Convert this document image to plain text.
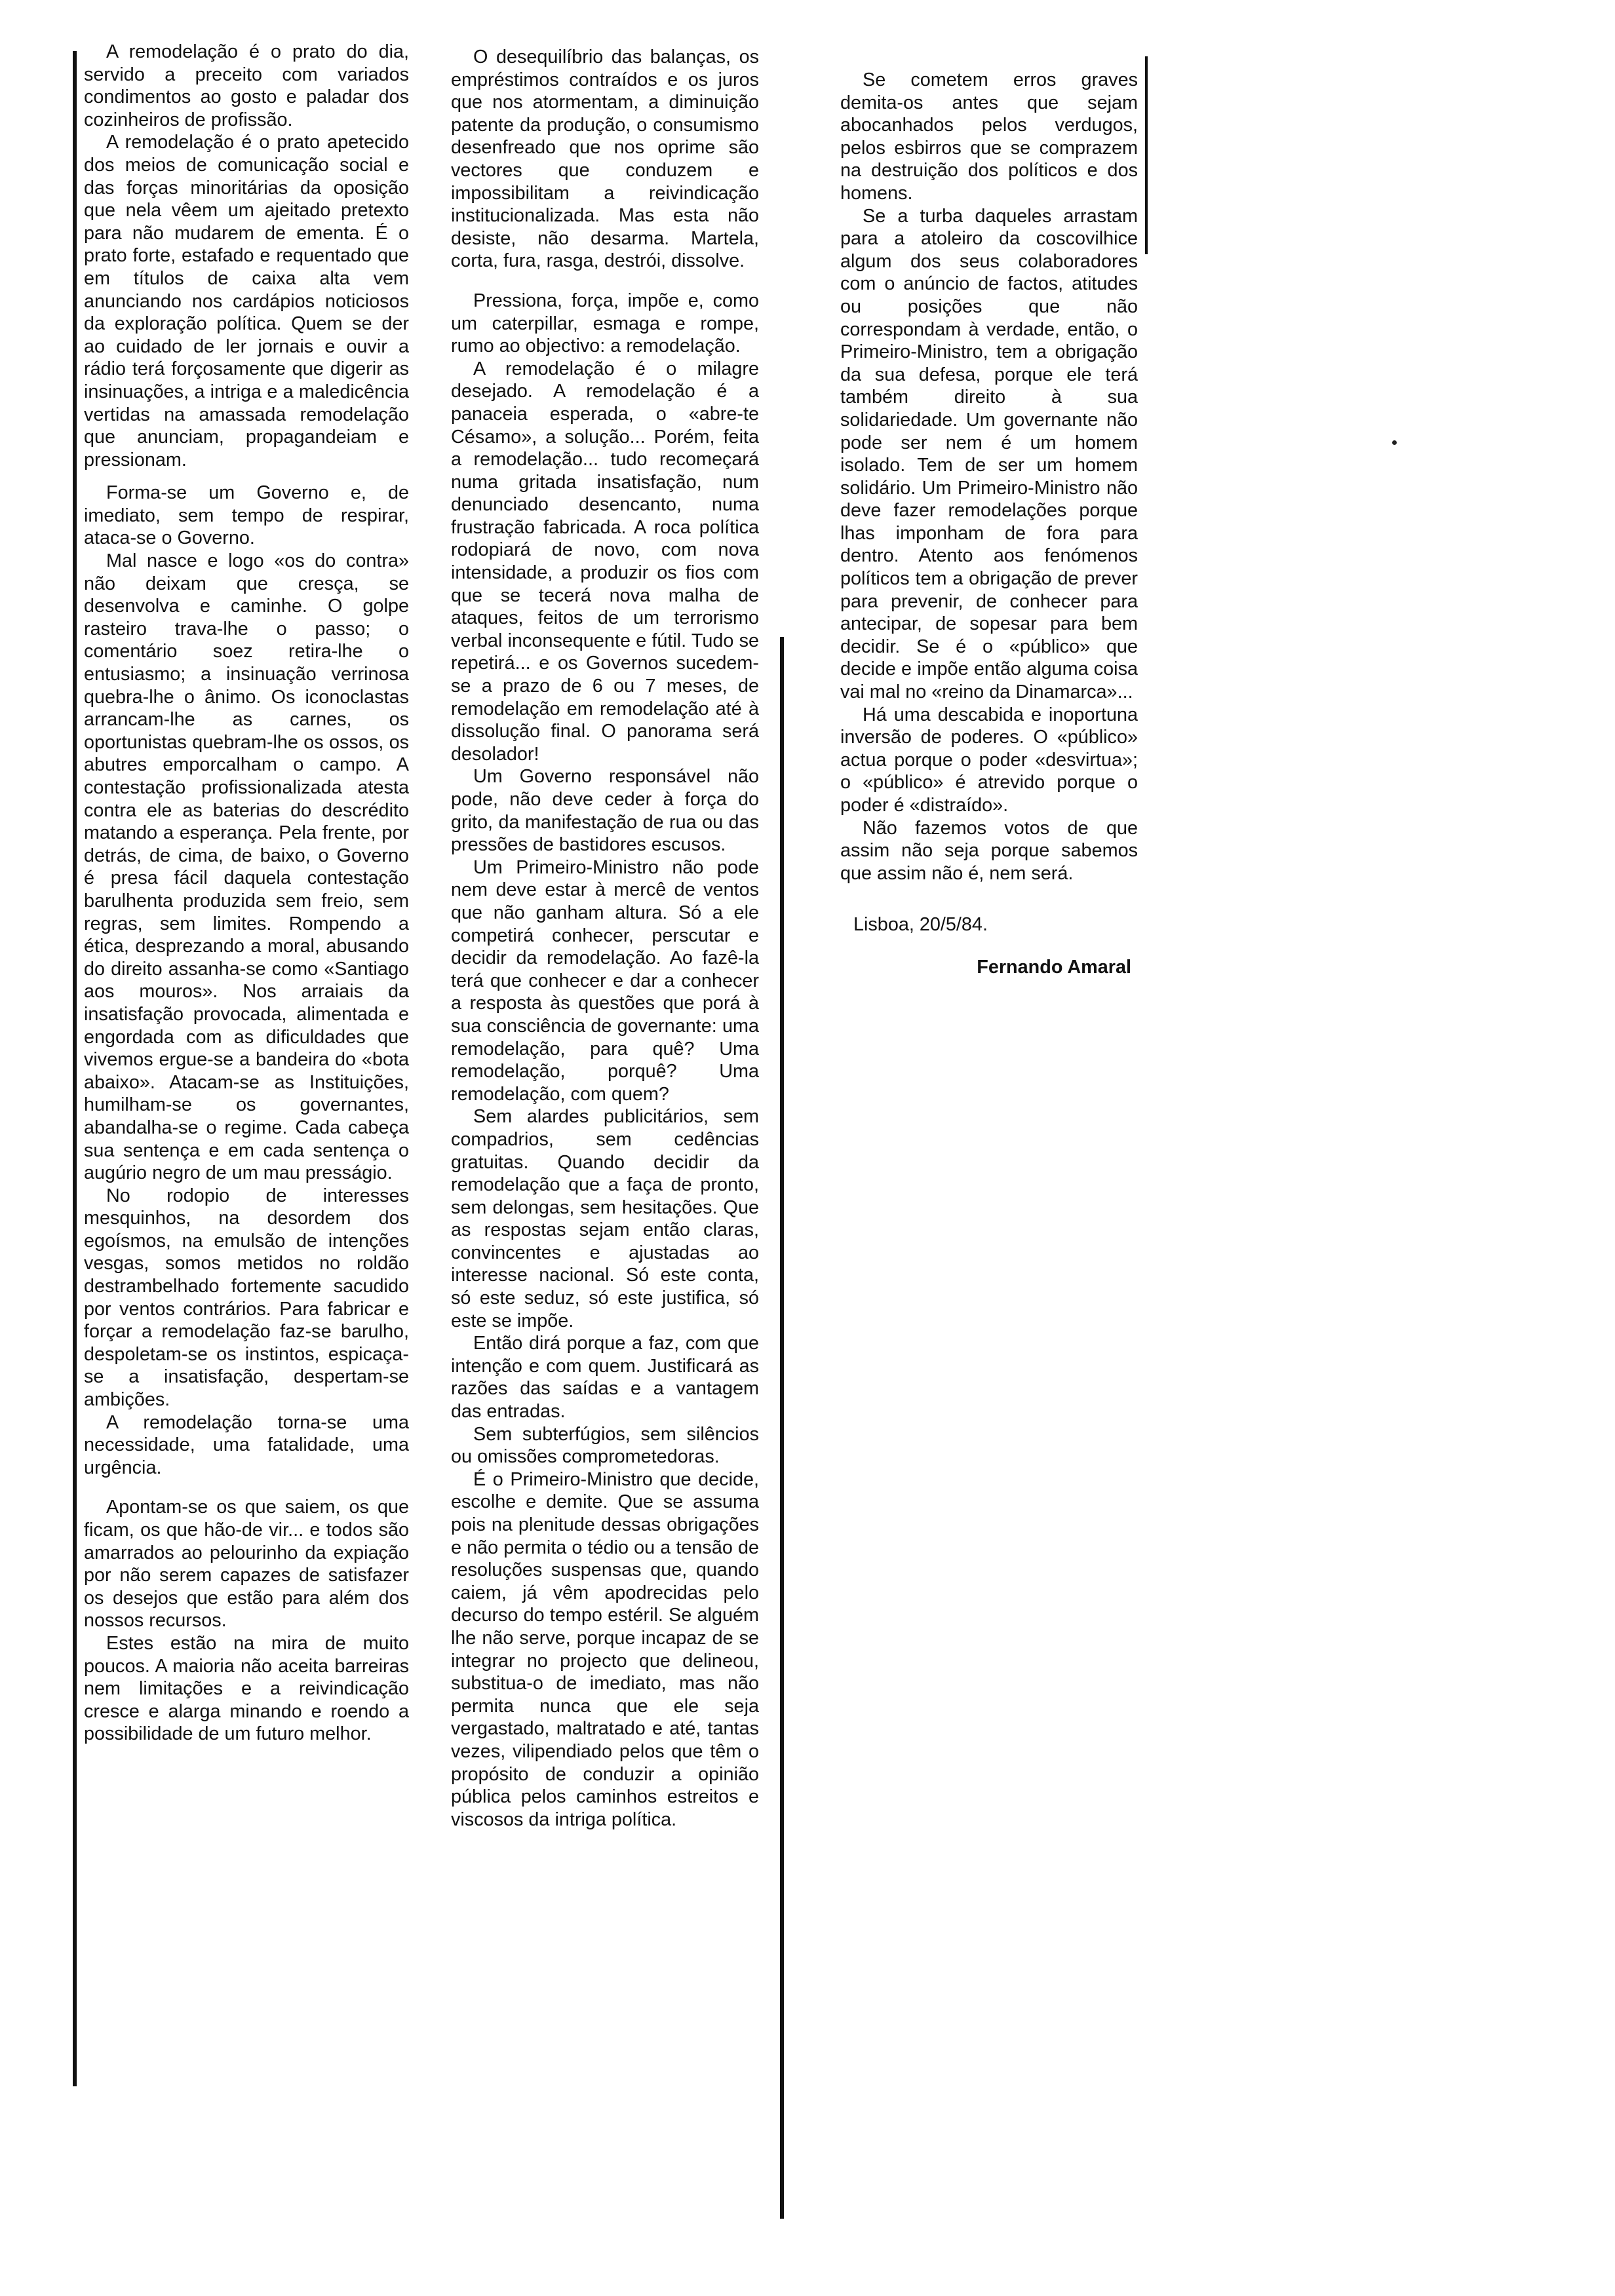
A remodelação é o prato do dia, servido a preceito com variados condimentos ao gosto e paladar dos cozinheiros de profissão.

A remodelação é o prato apetecido dos meios de comunicação social e das forças minoritárias da oposição que nela vêem um ajeitado pretexto para não mudarem de ementa. É o prato forte, estafado e requentado que em títulos de caixa alta vem anunciando nos cardápios noticiosos da exploração política. Quem se der ao cuidado de ler jornais e ouvir a rádio terá forçosamente que digerir as insinuações, a intriga e a maledicência vertidas na amassada remodelação que anunciam, propagandeiam e pressionam.

Forma-se um Governo e, de imediato, sem tempo de respirar, ataca-se o Governo.

Mal nasce e logo «os do contra» não deixam que cresça, se desenvolva e caminhe. O golpe rasteiro trava-lhe o passo; o comentário soez retira-lhe o entusiasmo; a insinuação verrinosa quebra-lhe o ânimo. Os iconoclastas arrancam-lhe as carnes, os oportunistas quebram-lhe os ossos, os abutres emporcalham o campo. A contestação profissionalizada atesta contra ele as baterias do descrédito matando a esperança. Pela frente, por detrás, de cima, de baixo, o Governo é presa fácil daquela contestação barulhenta produzida sem freio, sem regras, sem limites. Rompendo a ética, desprezando a moral, abusando do direito assanha-se como «Santiago aos mouros». Nos arraiais da insatisfação provocada, alimentada e engordada com as dificuldades que vivemos ergue-se a bandeira do «bota abaixo». Atacam-se as Instituições, humilham-se os governantes, abandalha-se o regime. Cada cabeça sua sentença e em cada sentença o augúrio negro de um mau presságio.

No rodopio de interesses mesquinhos, na desordem dos egoísmos, na emulsão de intenções vesgas, somos metidos no roldão destrambelhado fortemente sacudido por ventos contrários. Para fabricar e forçar a remodelação faz-se barulho, despoletam-se os instintos, espicaça-se a insatisfação, despertam-se ambições.

A remodelação torna-se uma necessidade, uma fatalidade, uma urgência.

Apontam-se os que saiem, os que ficam, os que hão-de vir... e todos são amarrados ao pelourinho da expiação por não serem capazes de satisfazer os desejos que estão para além dos nossos recursos.

Estes estão na mira de muito poucos. A maioria não aceita barreiras nem limitações e a reivindicação cresce e alarga minando e roendo a possibilidade de um futuro melhor.

O desequilíbrio das balanças, os empréstimos contraídos e os juros que nos atormentam, a diminuição patente da produção, o consumismo desenfreado que nos oprime são vectores que conduzem e impossibilitam a reivindicação institucionalizada. Mas esta não desiste, não desarma. Martela, corta, fura, rasga, destrói, dissolve.

Pressiona, força, impõe e, como um caterpillar, esmaga e rompe, rumo ao objectivo: a remodelação.

A remodelação é o milagre desejado. A remodelação é a panaceia esperada, o «abre-te Césamo», a solução... Porém, feita a remodelação... tudo recomeçará numa gritada insatisfação, num denunciado desencanto, numa frustração fabricada. A roca política rodopiará de novo, com nova intensidade, a produzir os fios com que se tecerá nova malha de ataques, feitos de um terrorismo verbal inconsequente e fútil. Tudo se repetirá... e os Governos sucedem-se a prazo de 6 ou 7 meses, de remodelação em remodelação até à dissolução final. O panorama será desolador!

Um Governo responsável não pode, não deve ceder à força do grito, da manifestação de rua ou das pressões de bastidores escusos.

Um Primeiro-Ministro não pode nem deve estar à mercê de ventos que não ganham altura. Só a ele competirá conhecer, perscutar e decidir da remodelação. Ao fazê-la terá que conhecer e dar a conhecer a resposta às questões que porá à sua consciência de governante: uma remodelação, para quê? Uma remodelação, porquê? Uma remodelação, com quem?

Sem alardes publicitários, sem compadrios, sem cedências gratuitas. Quando decidir da remodelação que a faça de pronto, sem delongas, sem hesitações. Que as respostas sejam então claras, convincentes e ajustadas ao interesse nacional. Só este conta, só este seduz, só este justifica, só este se impõe.

Então dirá porque a faz, com que intenção e com quem. Justificará as razões das saídas e a vantagem das entradas.

Sem subterfúgios, sem silêncios ou omissões comprometedoras.

É o Primeiro-Ministro que decide, escolhe e demite. Que se assuma pois na plenitude dessas obrigações e não permita o tédio ou a tensão de resoluções suspensas que, quando caiem, já vêm apodrecidas pelo decurso do tempo estéril. Se alguém lhe não serve, porque incapaz de se integrar no projecto que delineou, substitua-o de imediato, mas não permita nunca que ele seja vergastado, maltratado e até, tantas vezes, vilipendiado pelos que têm o propósito de conduzir a opinião pública pelos caminhos estreitos e viscosos da intriga política.

Se cometem erros graves demita-os antes que sejam abocanhados pelos verdugos, pelos esbirros que se comprazem na destruição dos políticos e dos homens.

Se a turba daqueles arrastam para a atoleiro da coscovilhice algum dos seus colaboradores com o anúncio de factos, atitudes ou posições que não correspondam à verdade, então, o Primeiro-Ministro, tem a obrigação da sua defesa, porque ele terá também direito à sua solidariedade. Um governante não pode ser nem é um homem isolado. Tem de ser um homem solidário. Um Primeiro-Ministro não deve fazer remodelações porque lhas imponham de fora para dentro. Atento aos fenómenos políticos tem a obrigação de prever para prevenir, de conhecer para antecipar, de sopesar para bem decidir. Se é o «público» que decide e impõe então alguma coisa vai mal no «reino da Dinamarca»...

Há uma descabida e inoportuna inversão de poderes. O «público» actua porque o poder «desvirtua»; o «público» é atrevido porque o poder é «distraído».

Não fazemos votos de que assim não seja porque sabemos que assim não é, nem será.

Lisboa, 20/5/84.

Fernando Amaral
